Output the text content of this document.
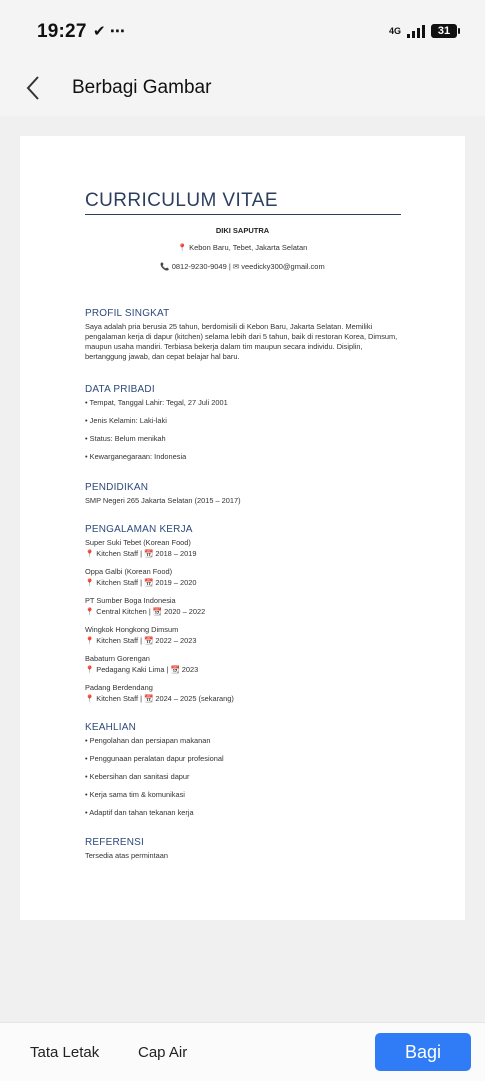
19:27 ✔ ⋯	4G	31
Berbagi Gambar
CURRICULUM VITAE
DIKI SAPUTRA
📍 Kebon Baru, Tebet, Jakarta Selatan
📞 0812-9230-9049 | ✉ veedicky300@gmail.com
PROFIL SINGKAT
Saya adalah pria berusia 25 tahun, berdomisili di Kebon Baru, Jakarta Selatan. Memiliki pengalaman kerja di dapur (kitchen) selama lebih dari 5 tahun, baik di restoran Korea, Dimsum, maupun usaha mandiri. Terbiasa bekerja dalam tim maupun secara individu. Disiplin, bertanggung jawab, dan cepat belajar hal baru.
DATA PRIBADI
• Tempat, Tanggal Lahir: Tegal, 27 Juli 2001
• Jenis Kelamin: Laki-laki
• Status: Belum menikah
• Kewarganegaraan: Indonesia
PENDIDIKAN
SMP Negeri 265 Jakarta Selatan (2015 – 2017)
PENGALAMAN KERJA
Super Suki Tebet (Korean Food)
📍 Kitchen Staff | 📆 2018 – 2019
Oppa Galbi (Korean Food)
📍 Kitchen Staff | 📆 2019 – 2020
PT Sumber Boga Indonesia
📍 Central Kitchen | 📆 2020 – 2022
Wingkok Hongkong Dimsum
📍 Kitchen Staff | 📆 2022 – 2023
Babaturn Gorengan
📍 Pedagang Kaki Lima | 📆 2023
Padang Berdendang
📍 Kitchen Staff | 📆 2024 – 2025 (sekarang)
KEAHLIAN
• Pengolahan dan persiapan makanan
• Penggunaan peralatan dapur profesional
• Kebersihan dan sanitasi dapur
• Kerja sama tim & komunikasi
• Adaptif dan tahan tekanan kerja
REFERENSI
Tersedia atas permintaan
Tata Letak	Cap Air	Bagi
